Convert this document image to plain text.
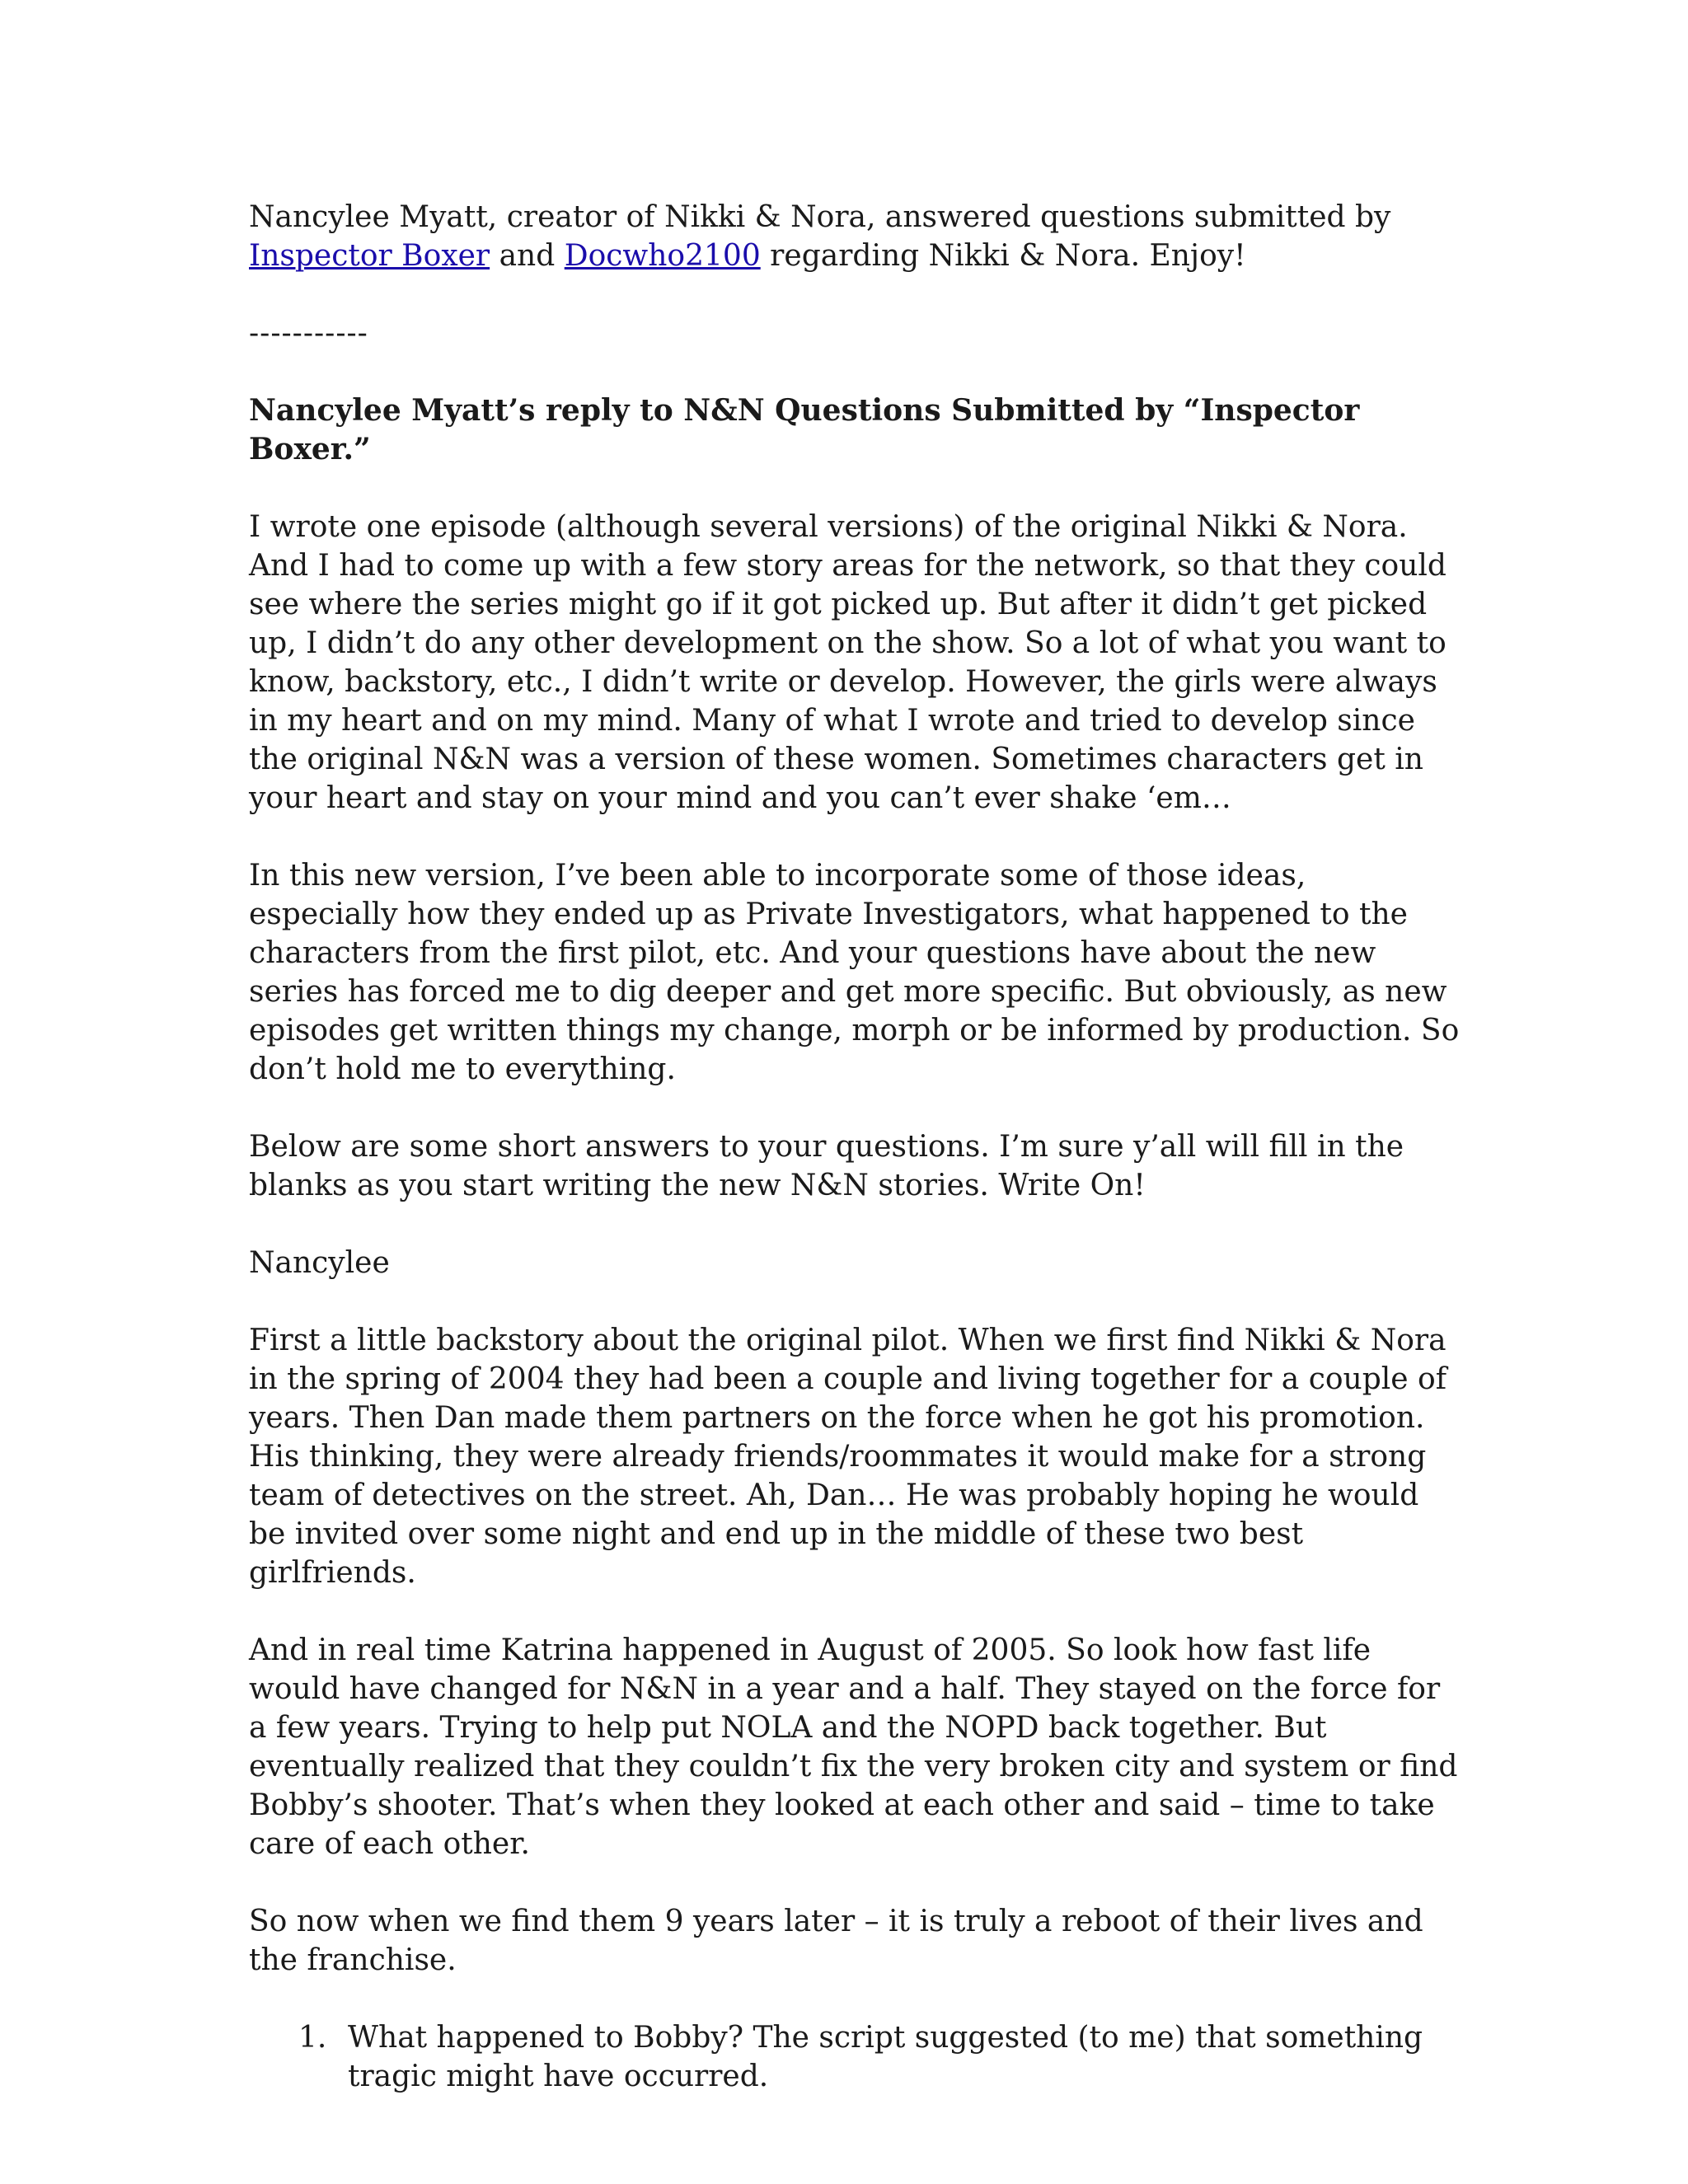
Nancylee Myatt, creator of Nikki & Nora, answered questions submitted by Inspector Boxer and Docwho2100 regarding Nikki & Nora. Enjoy!

-----------
Nancylee Myatt’s reply to N&N Questions Submitted by “Inspector Boxer.”

I wrote one episode (although several versions) of the original Nikki & Nora. And I had to come up with a few story areas for the network, so that they could see where the series might go if it got picked up. But after it didn’t get picked up, I didn’t do any other development on the show. So a lot of what you want to know, backstory, etc., I didn’t write or develop. However, the girls were always in my heart and on my mind. Many of what I wrote and tried to develop since the original N&N was a version of these women. Sometimes characters get in your heart and stay on your mind and you can’t ever shake ‘em…

In this new version, I’ve been able to incorporate some of those ideas, especially how they ended up as Private Investigators, what happened to the characters from the first pilot, etc. And your questions have about the new series has forced me to dig deeper and get more specific. But obviously, as new episodes get written things my change, morph or be informed by production. So don’t hold me to everything.

Below are some short answers to your questions. I’m sure y’all will fill in the blanks as you start writing the new N&N stories. Write On!

Nancylee

First a little backstory about the original pilot. When we first find Nikki & Nora in the spring of 2004 they had been a couple and living together for a couple of years. Then Dan made them partners on the force when he got his promotion. His thinking, they were already friends/roommates it would make for a strong team of detectives on the street. Ah, Dan… He was probably hoping he would be invited over some night and end up in the middle of these two best girlfriends.

And in real time Katrina happened in August of 2005. So look how fast life would have changed for N&N in a year and a half. They stayed on the force for a few years. Trying to help put NOLA and the NOPD back together. But eventually realized that they couldn’t fix the very broken city and system or find Bobby’s shooter. That’s when they looked at each other and said – time to take care of each other.

So now when we find them 9 years later – it is truly a reboot of their lives and the franchise.

1. What happened to Bobby? The script suggested (to me) that something tragic might have occurred.
